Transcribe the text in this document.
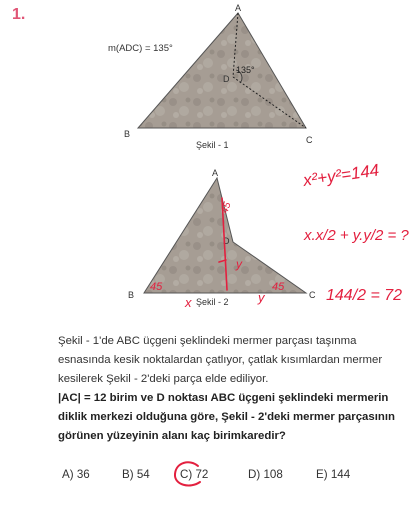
1.	A
B
C
D
135°
m(ADC) = 135°
Şekil - 1
A
B	C
D
Şekil - 2
45
45	45
y
x	y
x²+y²=144
x.x/2 + y.y/2 = ?
144/2 = 72
Şekil - 1'de ABC üçgeni şeklindeki mermer parçası taşınma esnasında kesik noktalardan çatlıyor, çatlak kısımlardan mermer kesilerek Şekil - 2'deki parça elde ediliyor.
|AC| = 12 birim ve D noktası ABC üçgeni şeklindeki mermerin diklik merkezi olduğuna göre, Şekil - 2'deki mermer parçasının görünen yüzeyinin alanı kaç birimkaredir?
A) 36	B) 54	C) 72	D) 108	E) 144
